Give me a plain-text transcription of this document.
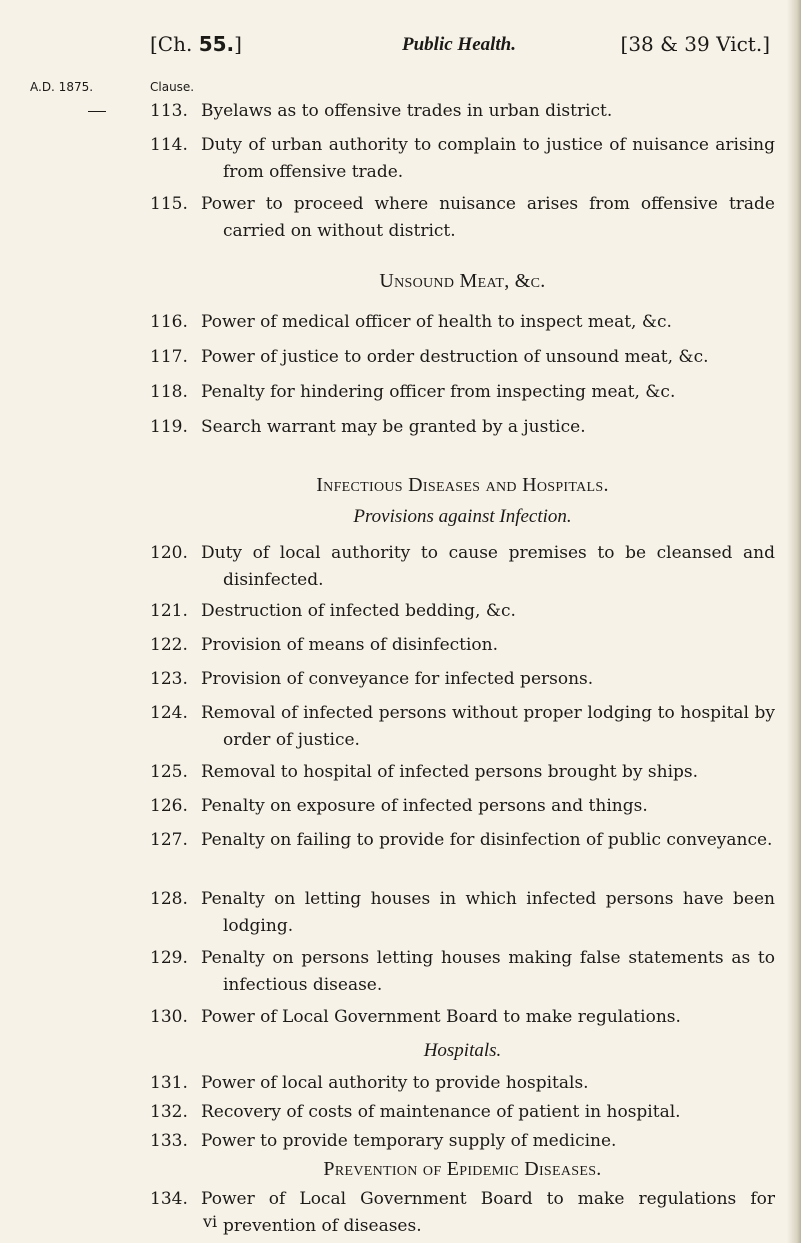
[Ch. 55.]	Public Health.	[38 & 39 Vict.]
A.D. 1875.	Clause.
113. Byelaws as to offensive trades in urban district.
114. Duty of urban authority to complain to justice of nuisance arising from offensive trade.
115. Power to proceed where nuisance arises from offensive trade carried on without district.
Unsound Meat, &c.
116. Power of medical officer of health to inspect meat, &c.
117. Power of justice to order destruction of unsound meat, &c.
118. Penalty for hindering officer from inspecting meat, &c.
119. Search warrant may be granted by a justice.
Infectious Diseases and Hospitals.
Provisions against Infection.
120. Duty of local authority to cause premises to be cleansed and disinfected.
121. Destruction of infected bedding, &c.
122. Provision of means of disinfection.
123. Provision of conveyance for infected persons.
124. Removal of infected persons without proper lodging to hospital by order of justice.
125. Removal to hospital of infected persons brought by ships.
126. Penalty on exposure of infected persons and things.
127. Penalty on failing to provide for disinfection of public conveyance.
128. Penalty on letting houses in which infected persons have been lodging.
129. Penalty on persons letting houses making false statements as to infectious disease.
130. Power of Local Government Board to make regulations.
Hospitals.
131. Power of local authority to provide hospitals.
132. Recovery of costs of maintenance of patient in hospital.
133. Power to provide temporary supply of medicine.
Prevention of Epidemic Diseases.
134. Power of Local Government Board to make regulations for prevention of diseases.
vi
